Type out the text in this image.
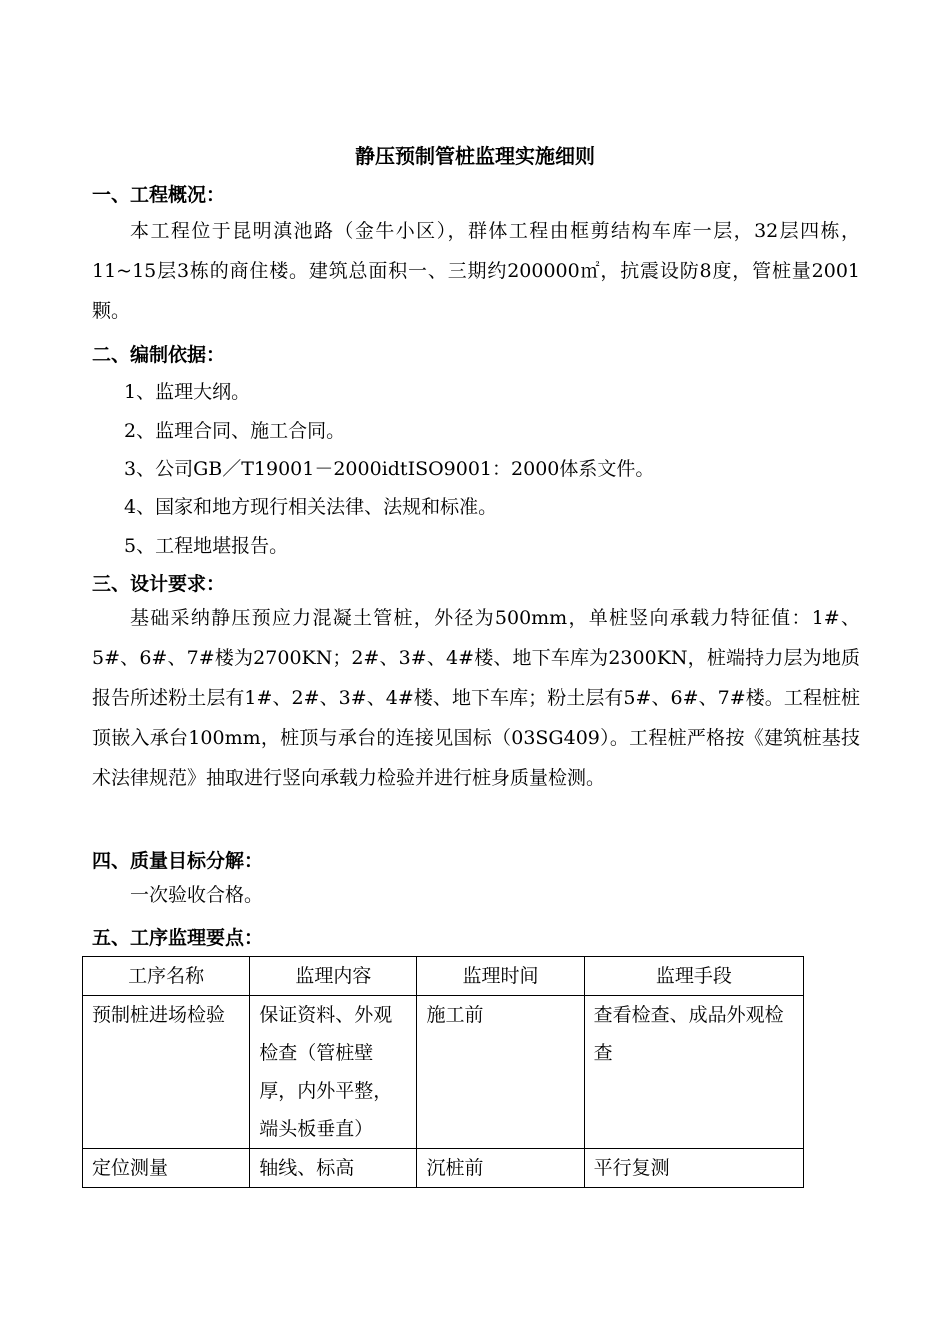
静压预制管桩监理实施细则
一、工程概况：
本工程位于昆明滇池路（金牛小区），群体工程由框剪结构车库一层，32层四栋，11~15层3栋的商住楼。建筑总面积一、三期约200000㎡，抗震设防8度，管桩量2001颗。
二、编制依据：
1、监理大纲。
2、监理合同、施工合同。
3、公司GB／T19001－2000idtISO9001：2000体系文件。
4、国家和地方现行相关法律、法规和标准。
5、工程地堪报告。
三、设计要求：
基础采纳静压预应力混凝土管桩，外径为500mm，单桩竖向承载力特征值：1#、5#、6#、7#楼为2700KN；2#、3#、4#楼、地下车库为2300KN，桩端持力层为地质报告所述粉土层有1#、2#、3#、4#楼、地下车库；粉土层有5#、6#、7#楼。工程桩桩顶嵌入承台100mm，桩顶与承台的连接见国标（03SG409）。工程桩严格按《建筑桩基技术法律规范》抽取进行竖向承载力检验并进行桩身质量检测。
四、质量目标分解：
一次验收合格。
五、工序监理要点：
工序名称	监理内容	监理时间	监理手段
预制桩进场检验	保证资料、外观检查（管桩壁厚，内外平整，端头板垂直）	施工前	查看检查、成品外观检查
定位测量	轴线、标高	沉桩前	平行复测
